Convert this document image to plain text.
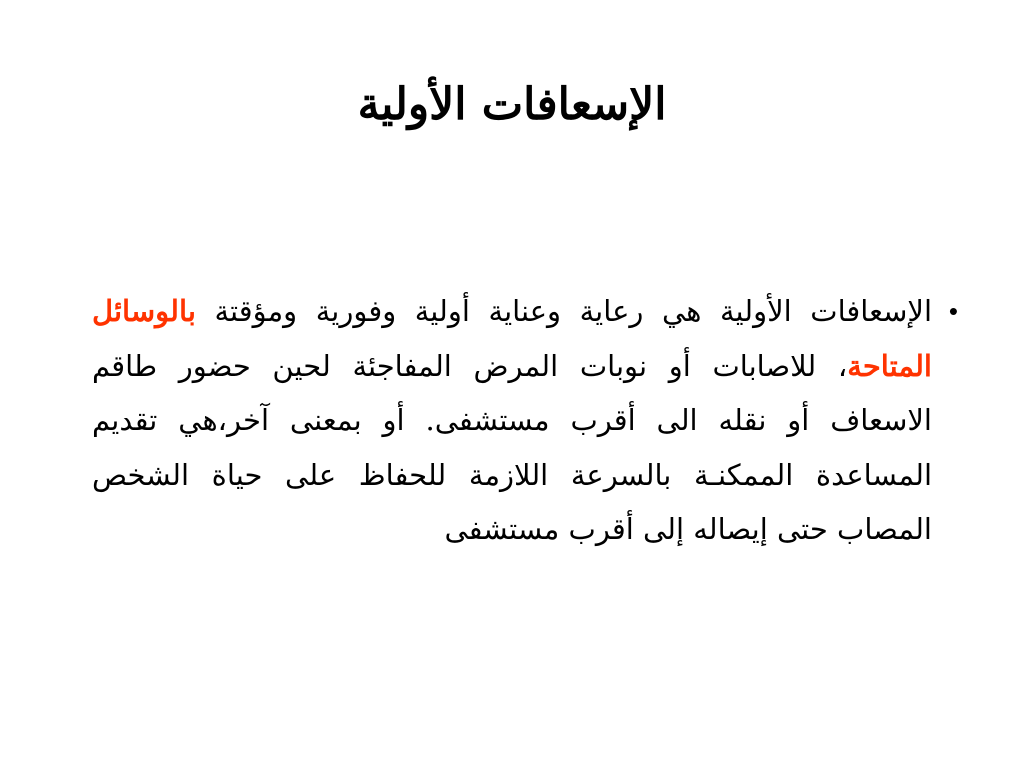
الإسعافات الأولية
•
الإسعافات الأولية هي رعاية وعناية أولية وفورية ومؤقتة بالوسائل المتاحة، للاصابات أو نوبات المرض المفاجئة لحين حضور طاقم الاسعاف أو نقله الى أقرب مستشفى. أو بمعنى آخر،هي تقديم المساعدة الممكنـة بالسرعة اللازمة للحفاظ على حياة الشخص المصاب حتى إيصاله إلى أقرب مستشفى
